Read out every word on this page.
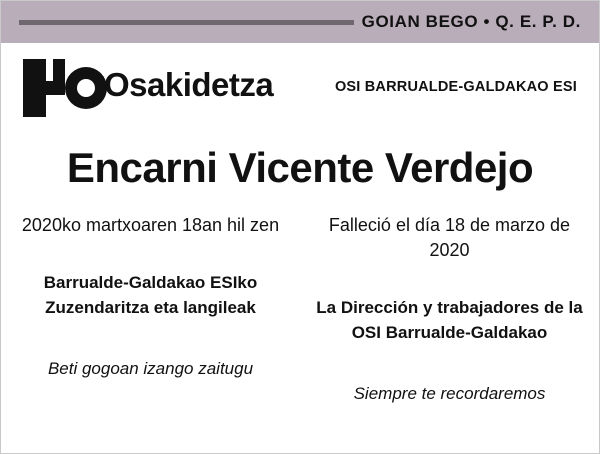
GOIAN BEGO • Q. E. P. D.
Osakidetza	OSI BARRUALDE-GALDAKAO ESI
Encarni Vicente Verdejo
2020ko martxoaren 18an hil zen
Barrualde-Galdakao ESIko Zuzendaritza eta langileak
Beti gogoan izango zaitugu
Falleció el día 18 de marzo de 2020
La Dirección y trabajadores de la OSI Barrualde-Galdakao
Siempre te recordaremos
